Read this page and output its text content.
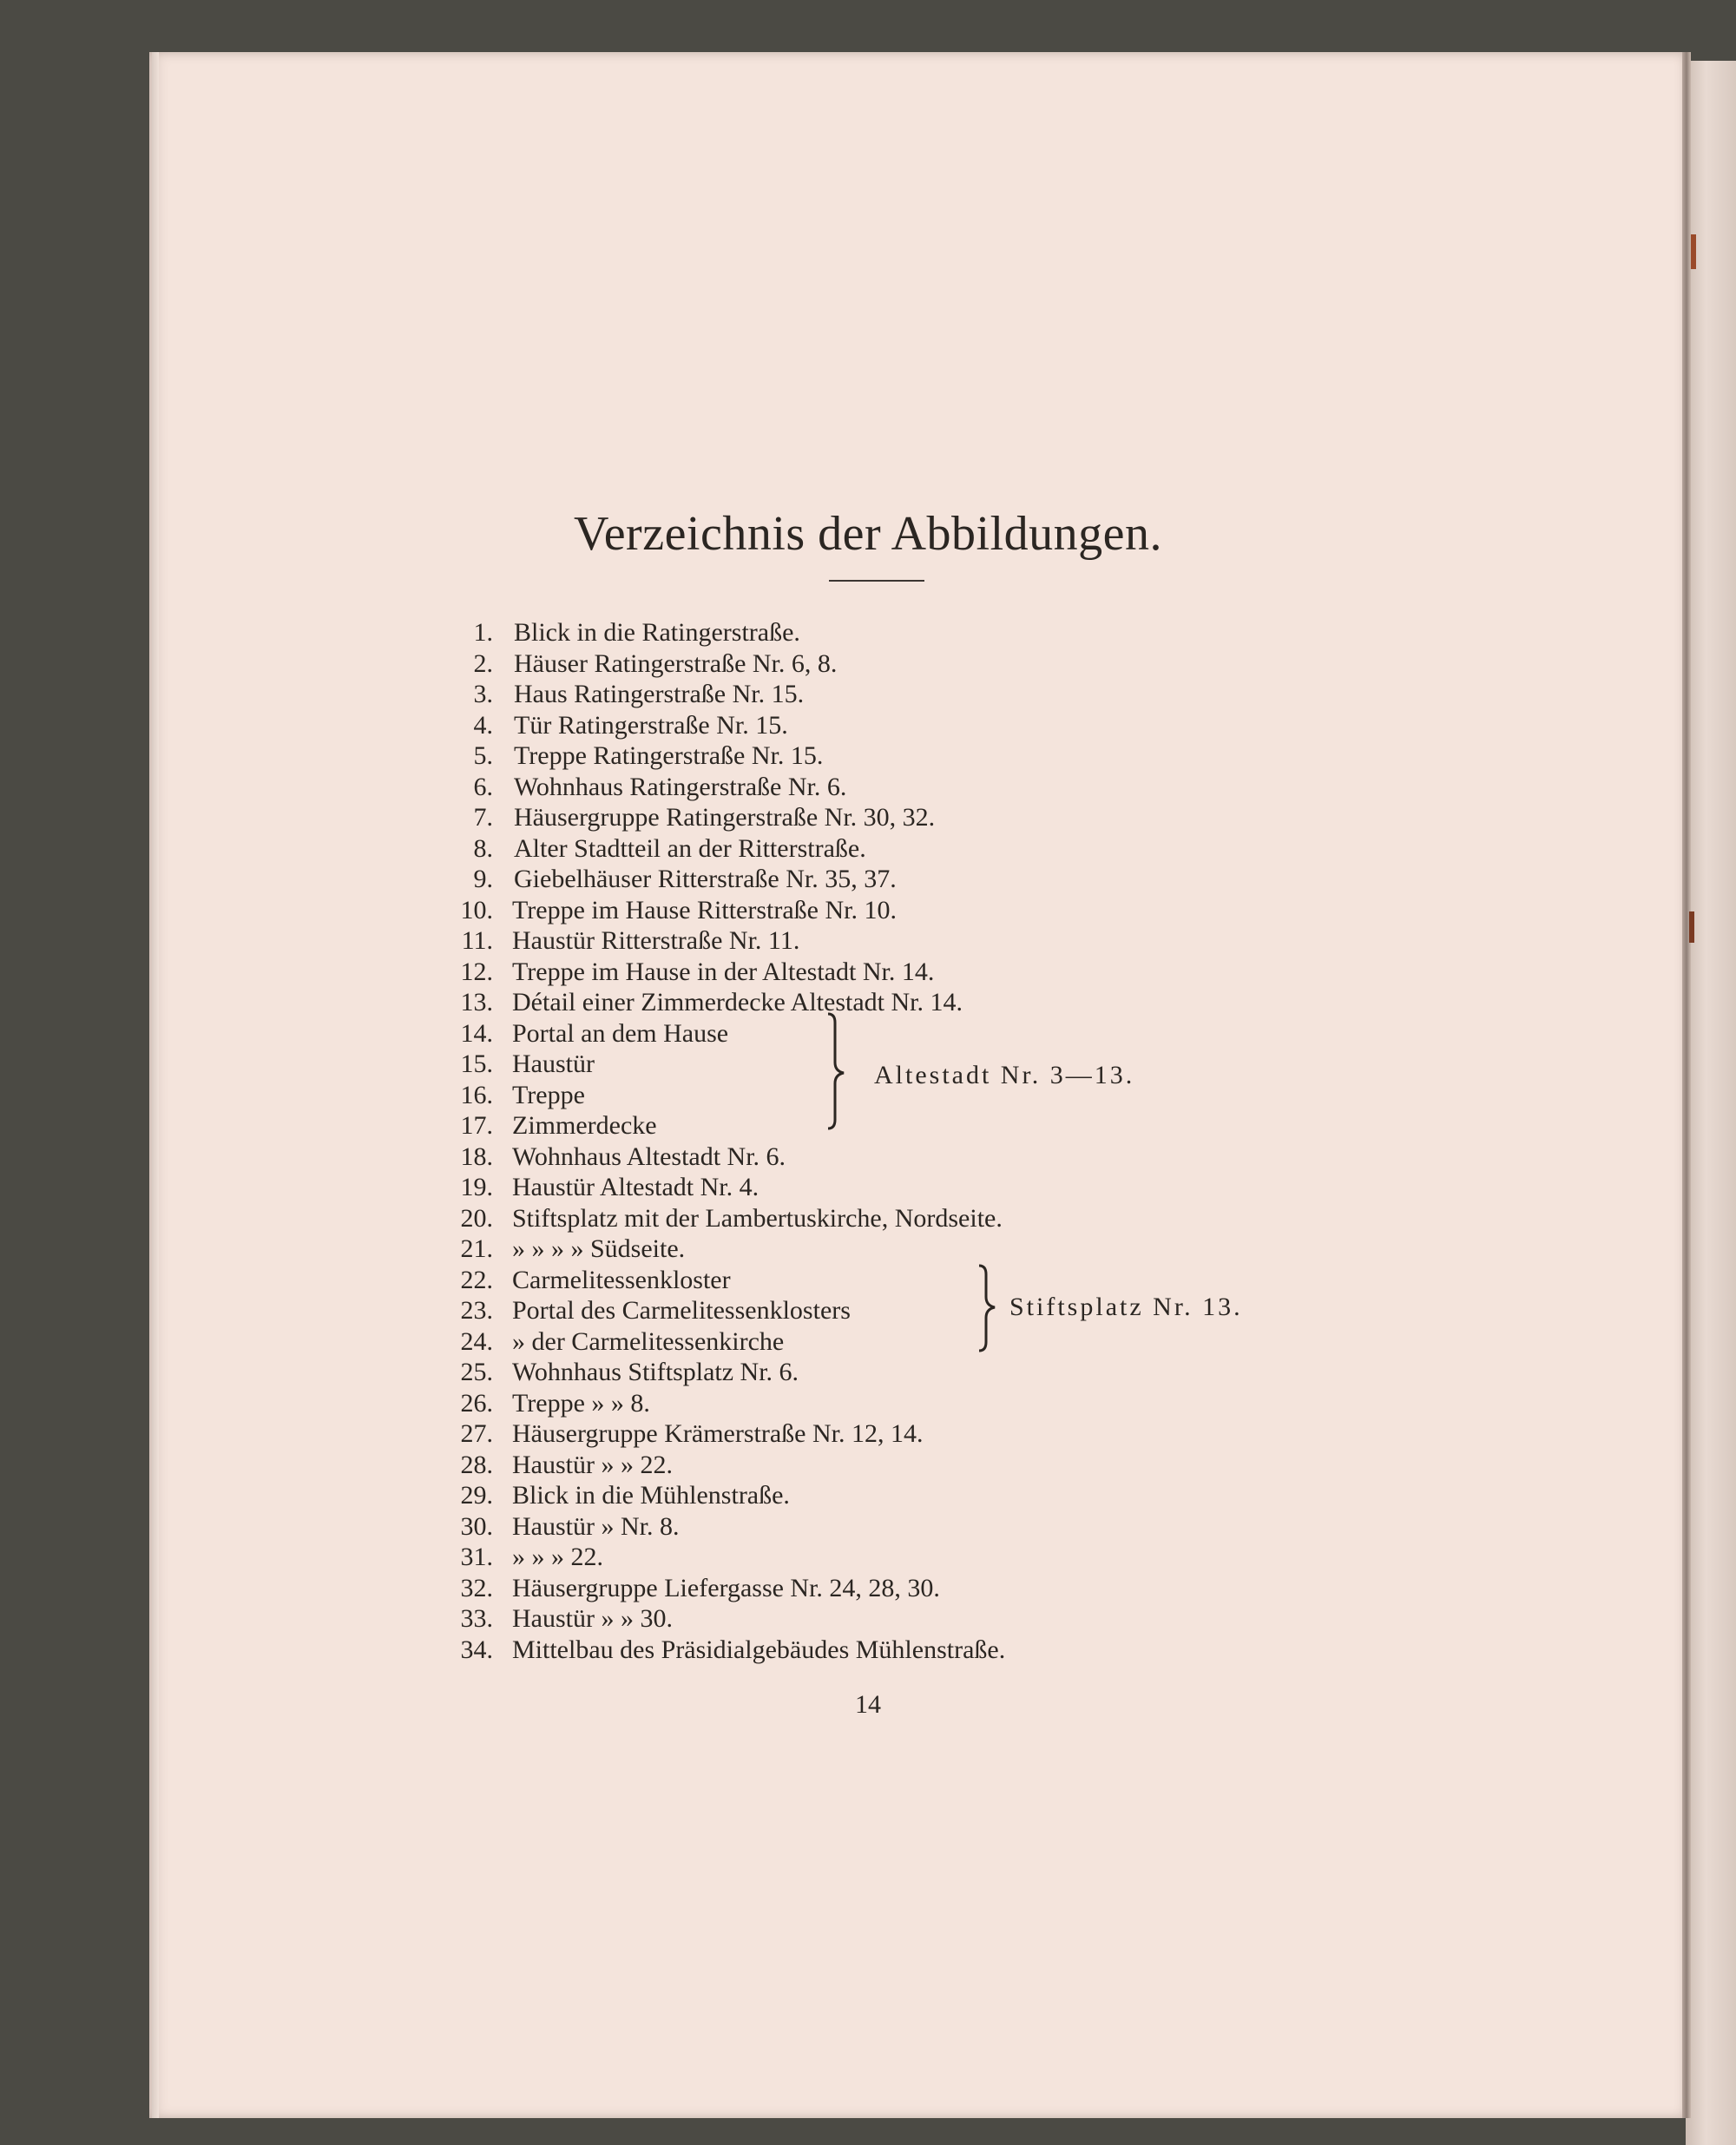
Verzeichnis der Abbildungen.
1. Blick in die Ratingerstraße.
2. Häuser Ratingerstraße Nr. 6, 8.
3. Haus Ratingerstraße Nr. 15.
4. Tür Ratingerstraße Nr. 15.
5. Treppe Ratingerstraße Nr. 15.
6. Wohnhaus Ratingerstraße Nr. 6.
7. Häusergruppe Ratingerstraße Nr. 30, 32.
8. Alter Stadtteil an der Ritterstraße.
9. Giebelhäuser Ritterstraße Nr. 35, 37.
10. Treppe im Hause Ritterstraße Nr. 10.
11. Haustür Ritterstraße Nr. 11.
12. Treppe im Hause in der Altestadt Nr. 14.
13. Détail einer Zimmerdecke Altestadt Nr. 14.
14. Portal an dem Hause
15. Haustür
16. Treppe
17. Zimmerdecke
18. Wohnhaus Altestadt Nr. 6.
19. Haustür Altestadt Nr. 4.
20. Stiftsplatz mit der Lambertuskirche, Nordseite.
21. » » » » Südseite.
22. Carmelitessenkloster
23. Portal des Carmelitessenklosters
24. » der Carmelitessenkirche
25. Wohnhaus Stiftsplatz Nr. 6.
26. Treppe » » 8.
27. Häusergruppe Krämerstraße Nr. 12, 14.
28. Haustür » » 22.
29. Blick in die Mühlenstraße.
30. Haustür » Nr. 8.
31. » » » 22.
32. Häusergruppe Liefergasse Nr. 24, 28, 30.
33. Haustür » » 30.
34. Mittelbau des Präsidialgebäudes Mühlenstraße.
Altestadt Nr. 3—13.
Stiftsplatz Nr. 13.
14
